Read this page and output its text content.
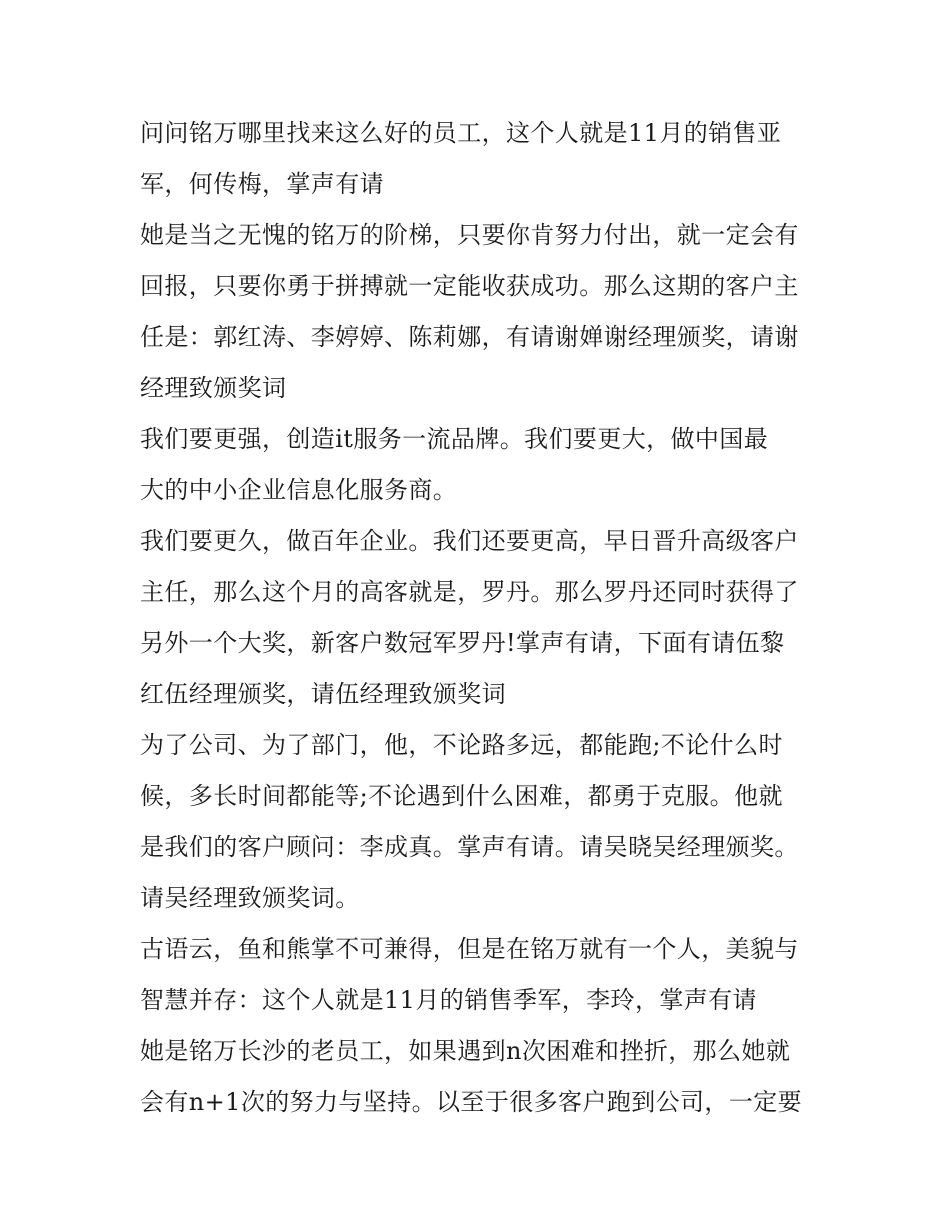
问问铭万哪里找来这么好的员工，这个人就是11月的销售亚
军，何传梅，掌声有请
她是当之无愧的铭万的阶梯，只要你肯努力付出，就一定会有
回报，只要你勇于拼搏就一定能收获成功。那么这期的客户主
任是：郭红涛、李婷婷、陈莉娜，有请谢婵谢经理颁奖，请谢
经理致颁奖词
我们要更强，创造it服务一流品牌。我们要更大，做中国最
大的中小企业信息化服务商。
我们要更久，做百年企业。我们还要更高，早日晋升高级客户
主任，那么这个月的高客就是，罗丹。那么罗丹还同时获得了
另外一个大奖，新客户数冠军罗丹!掌声有请，下面有请伍黎
红伍经理颁奖，请伍经理致颁奖词
为了公司、为了部门，他，不论路多远，都能跑;不论什么时
候，多长时间都能等;不论遇到什么困难，都勇于克服。他就
是我们的客户顾问：李成真。掌声有请。请吴晓吴经理颁奖。
请吴经理致颁奖词。
古语云，鱼和熊掌不可兼得，但是在铭万就有一个人，美貌与
智慧并存：这个人就是11月的销售季军，李玲，掌声有请
她是铭万长沙的老员工，如果遇到n次困难和挫折，那么她就
会有n+1次的努力与坚持。以至于很多客户跑到公司，一定要
